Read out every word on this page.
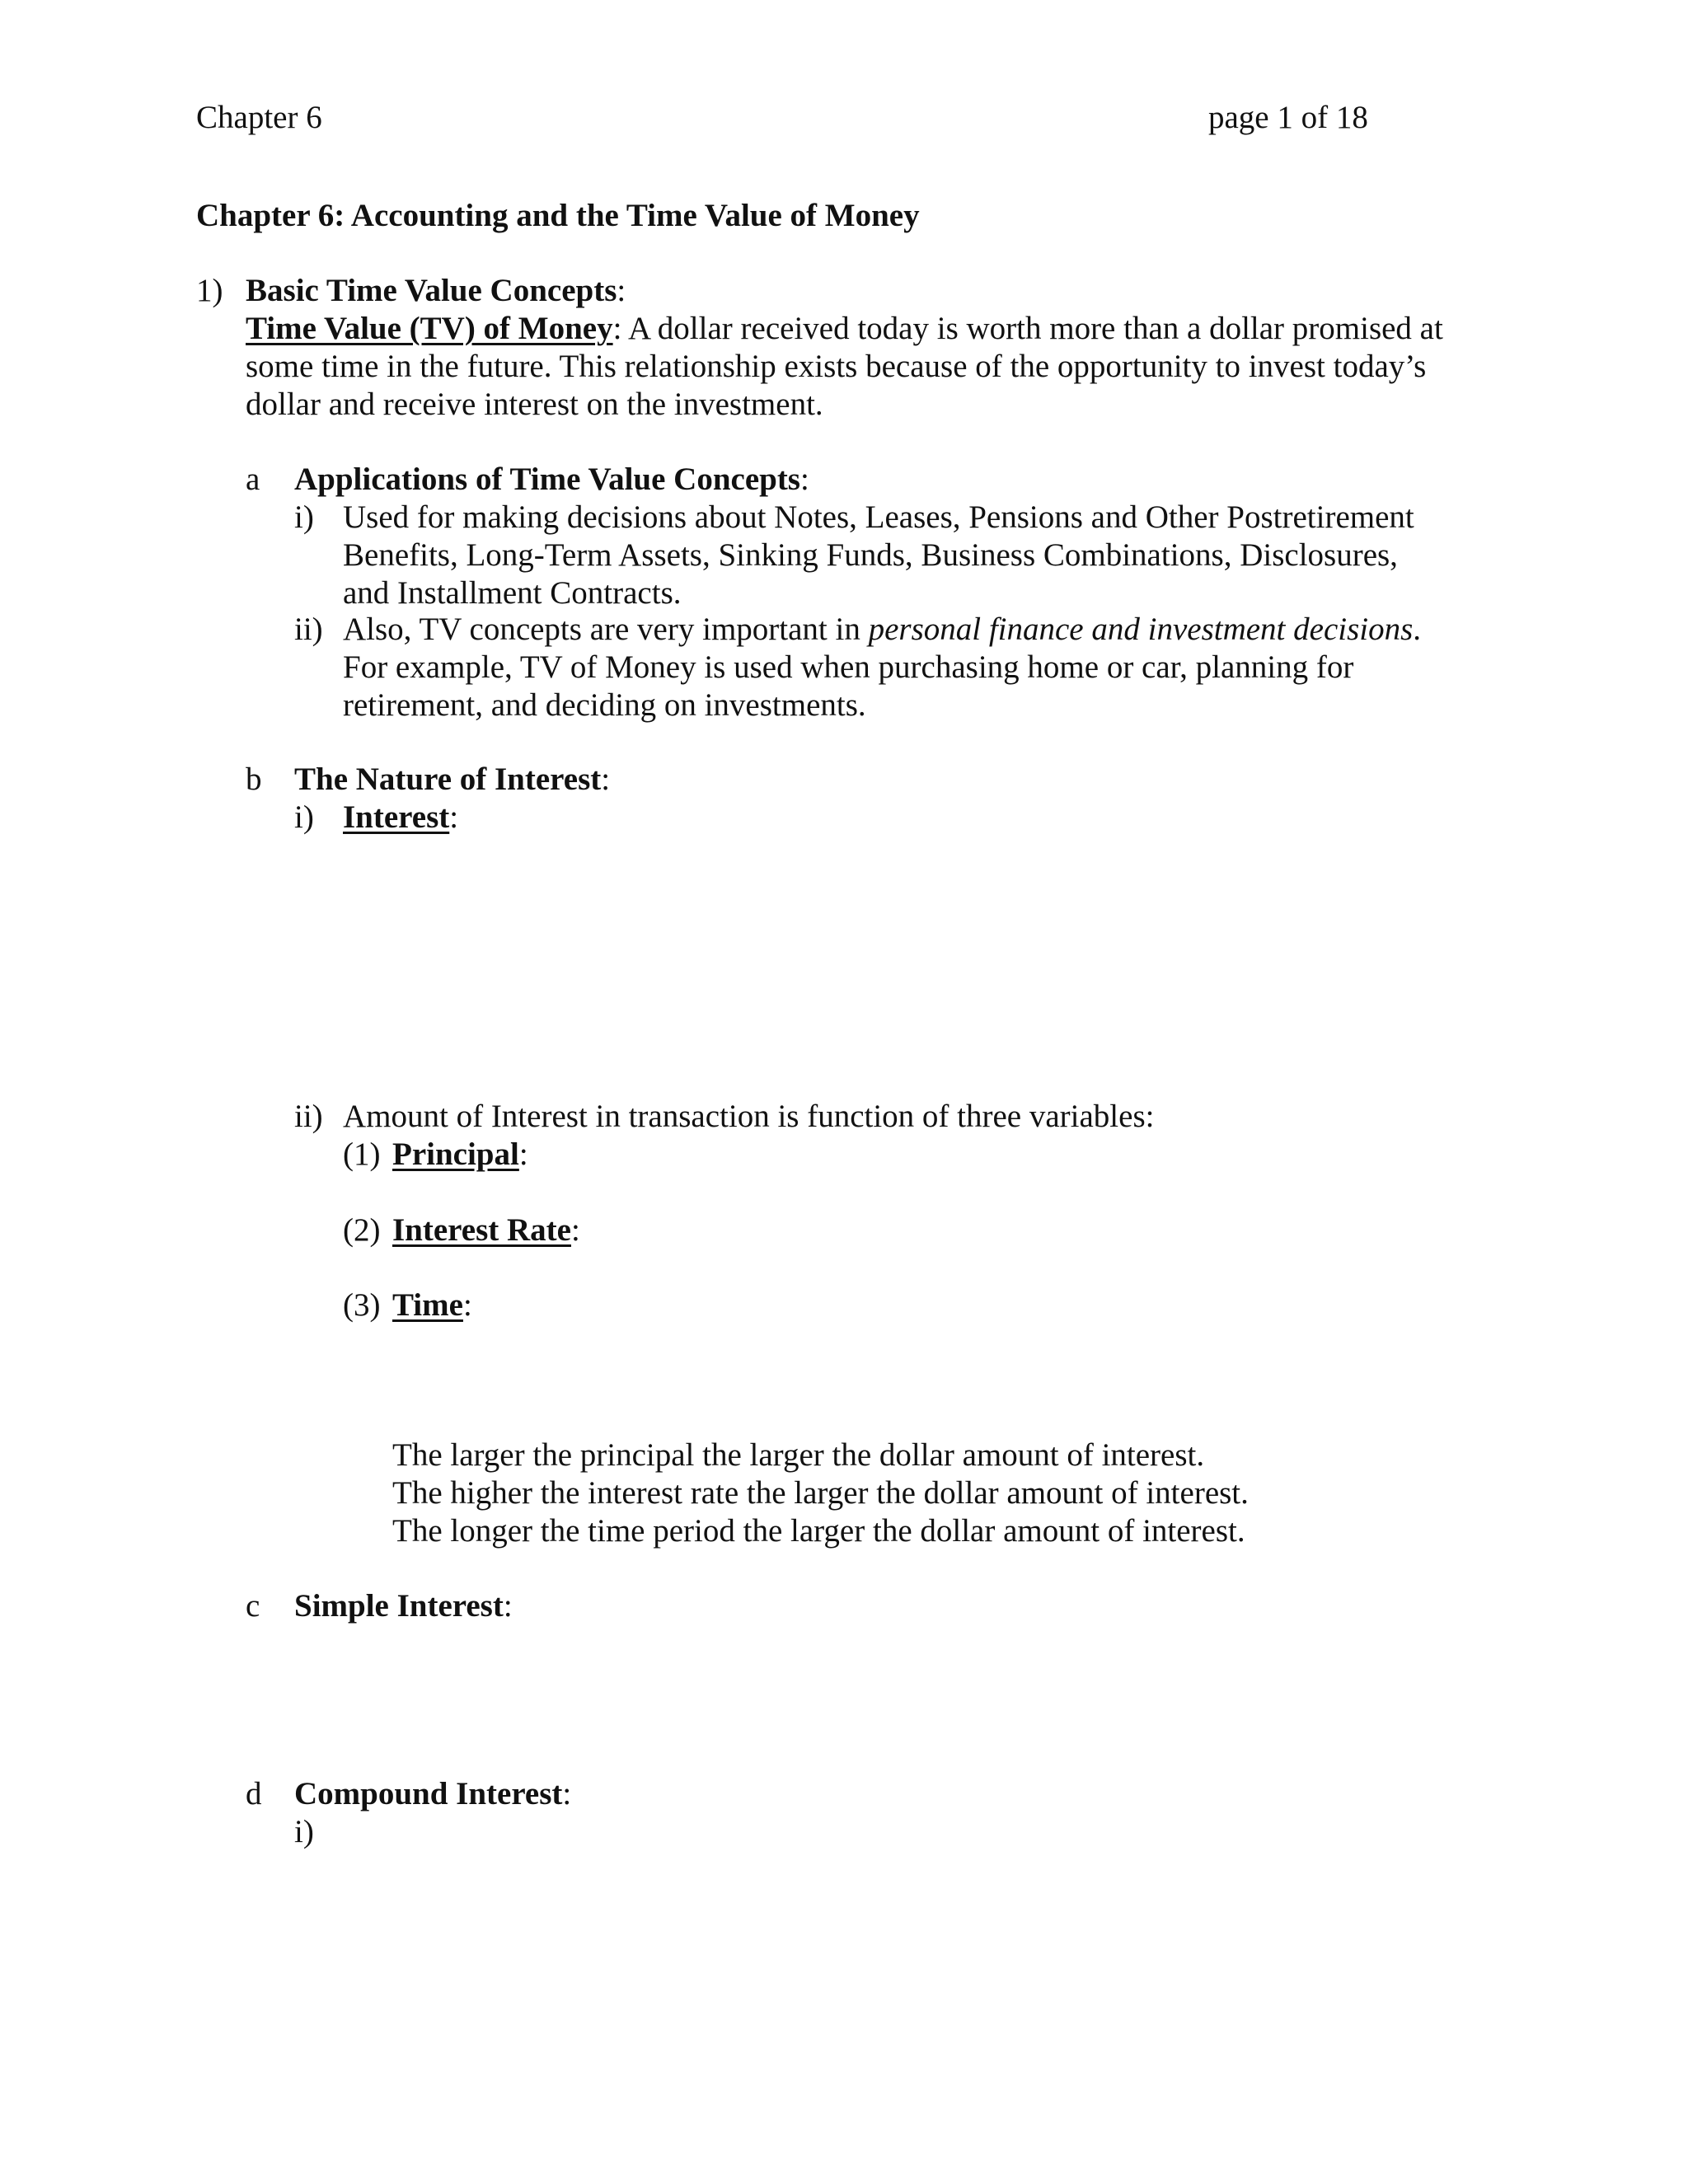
Chapter 6	page 1 of 18
Chapter 6: Accounting and the Time Value of Money
1) Basic Time Value Concepts:
Time Value (TV) of Money: A dollar received today is worth more than a dollar promised at
some time in the future. This relationship exists because of the opportunity to invest today’s
dollar and receive interest on the investment.
a Applications of Time Value Concepts:
i) Used for making decisions about Notes, Leases, Pensions and Other Postretirement
Benefits, Long-Term Assets, Sinking Funds, Business Combinations, Disclosures,
and Installment Contracts.
ii) Also, TV concepts are very important in personal finance and investment decisions.
For example, TV of Money is used when purchasing home or car, planning for
retirement, and deciding on investments.
b The Nature of Interest:
i) Interest:
ii) Amount of Interest in transaction is function of three variables:
(1) Principal:
(2) Interest Rate:
(3) Time:
The larger the principal the larger the dollar amount of interest.
The higher the interest rate the larger the dollar amount of interest.
The longer the time period the larger the dollar amount of interest.
c Simple Interest:
d Compound Interest:
i)
